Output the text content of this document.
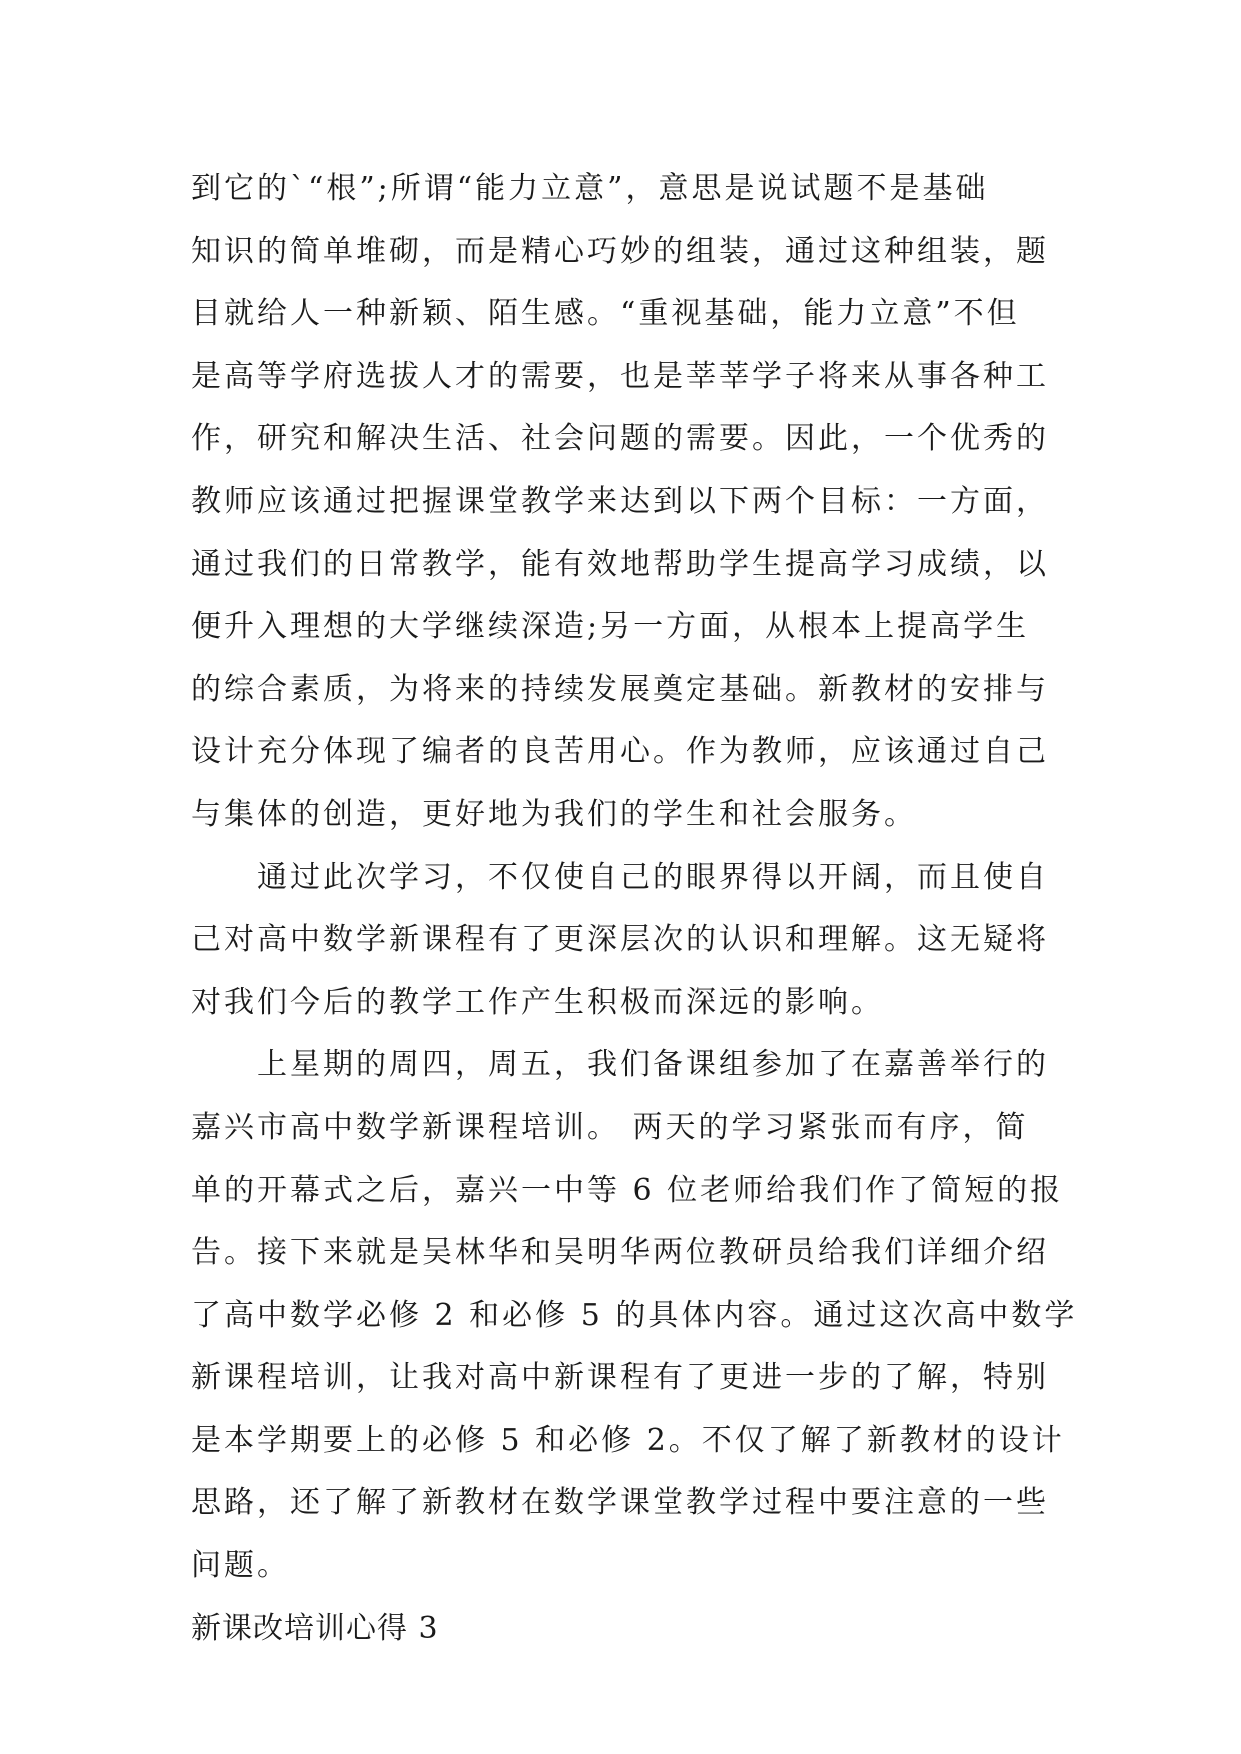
到它的`“根”;所谓“能力立意”，意思是说试题不是基础
知识的简单堆砌，而是精心巧妙的组装，通过这种组装，题
目就给人一种新颖、陌生感。“重视基础，能力立意”不但
是高等学府选拔人才的需要，也是莘莘学子将来从事各种工
作，研究和解决生活、社会问题的需要。因此，一个优秀的
教师应该通过把握课堂教学来达到以下两个目标：一方面，
通过我们的日常教学，能有效地帮助学生提高学习成绩，以
便升入理想的大学继续深造;另一方面，从根本上提高学生
的综合素质，为将来的持续发展奠定基础。新教材的安排与
设计充分体现了编者的良苦用心。作为教师，应该通过自己
与集体的创造，更好地为我们的学生和社会服务。
通过此次学习，不仅使自己的眼界得以开阔，而且使自
己对高中数学新课程有了更深层次的认识和理解。这无疑将
对我们今后的教学工作产生积极而深远的影响。
上星期的周四，周五，我们备课组参加了在嘉善举行的
嘉兴市高中数学新课程培训。 两天的学习紧张而有序，简
单的开幕式之后，嘉兴一中等 6 位老师给我们作了简短的报
告。接下来就是吴林华和吴明华两位教研员给我们详细介绍
了高中数学必修 2 和必修 5 的具体内容。通过这次高中数学
新课程培训，让我对高中新课程有了更进一步的了解，特别
是本学期要上的必修 5 和必修 2。不仅了解了新教材的设计
思路，还了解了新教材在数学课堂教学过程中要注意的一些
问题。
新课改培训心得 3
